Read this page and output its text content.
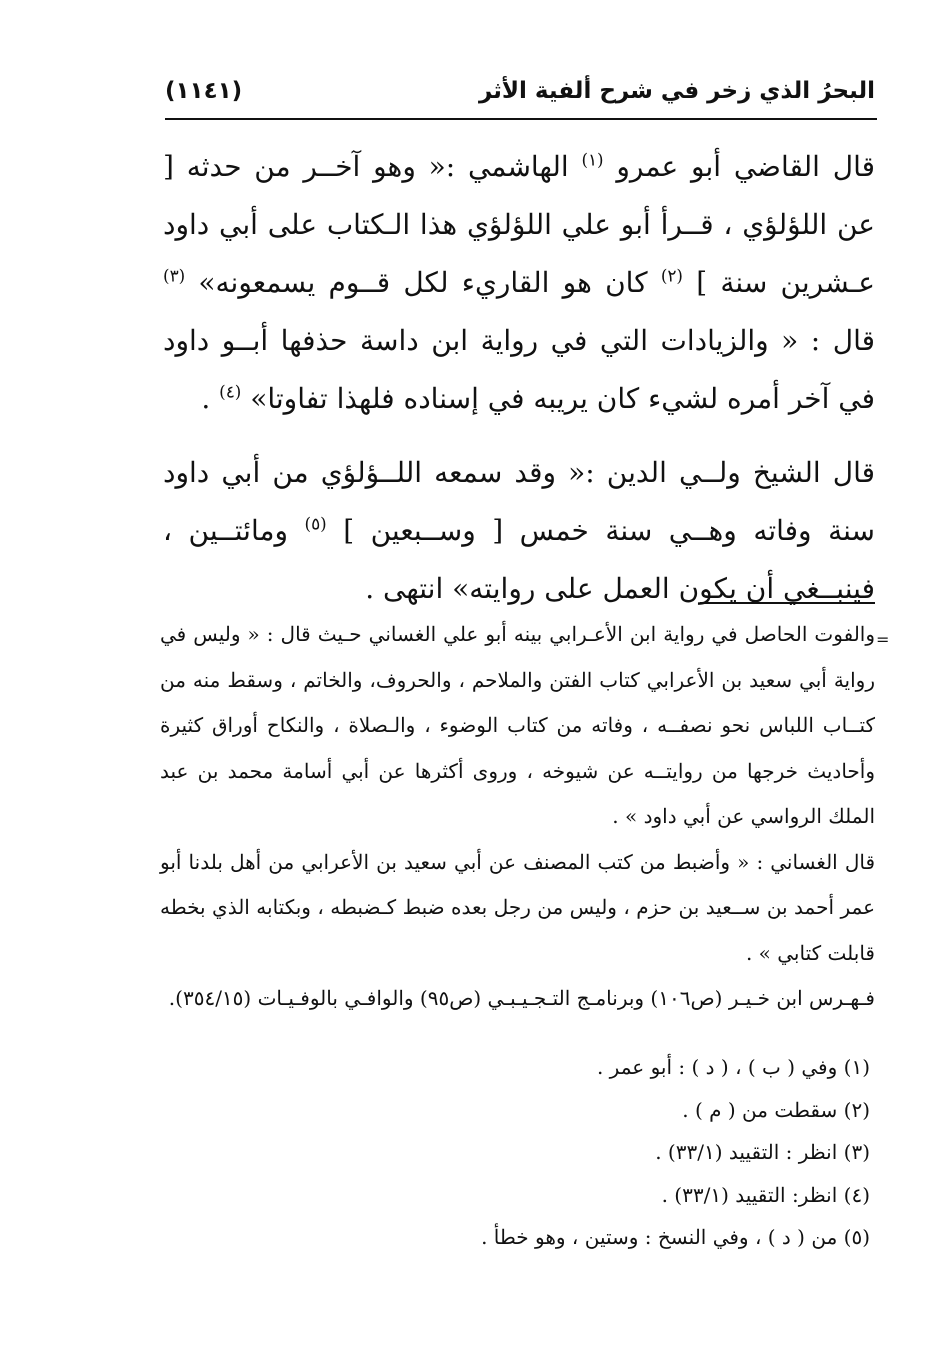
البحرُ الذي زخر في شرح ألفية الأثر
(١١٤١)

قال القاضي أبو عمرو $^{(١)}$ الهاشمي :« وهو آخــر من حدثه [ عن اللؤلؤي ، قــرأ أبو علي اللؤلؤي هذا الـكتاب على أبي داود عـشرين سنة ] $^{(٢)}$ كان هو القاريء لكل قــوم يسمعونه» $^{(٣)}$ قال : « والزيادات التي في رواية ابن داسة حذفها أبــو داود في آخر أمره لشيء كان يريبه في إسناده فلهذا تفاوتا» $^{(٤)}$ .

قال الشيخ ولــي الدين :« وقد سمعه اللــؤلؤي من أبي داود سنة وفاته وهــي سنة خمس [ وســبعين ] $^{(٥)}$ ومائتــين ، فينبــغي أن يكون العمل على روايته» انتهى .

=

والفوت الحاصل في رواية ابن الأعـرابي بينه أبو علي الغساني حـيث قال : « وليس في رواية أبي سعيد بن الأعرابي كتاب الفتن والملاحم ، والحروف، والخاتم ، وسقط منه من كتــاب اللباس نحو نصفــه ، وفاته من كتاب الوضوء ، والـصلاة ، والنكاح أوراق كثيرة وأحاديث خرجها من روايتــه عن شيوخه ، وروى أكثرها عن أبي أسامة محمد بن عبد الملك الرواسي عن أبي داود » .

قال الغساني : « وأضبط من كتب المصنف عن أبي سعيد بن الأعرابي من أهل بلدنا أبو عمر أحمد بن ســعيد بن حزم ، وليس من رجل بعده ضبط كـضبطه ، وبكتابه الذي بخطه قابلت كتابي » .

فـهـرس ابن خـيـر (ص١٠٦) وبرنامـج التـجـيـبـي (ص٩٥) والوافـي بالوفـيـات (٣٥٤/١٥).

(١) وفي ( ب ) ، ( د ) : أبو عمر .

(٢) سقطت من ( م ) .

(٣) انظر : التقييد (٣٣/١) .

(٤) انظر: التقييد (٣٣/١) .

(٥) من ( د ) ، وفي النسخ : وستين ، وهو خطأ .
